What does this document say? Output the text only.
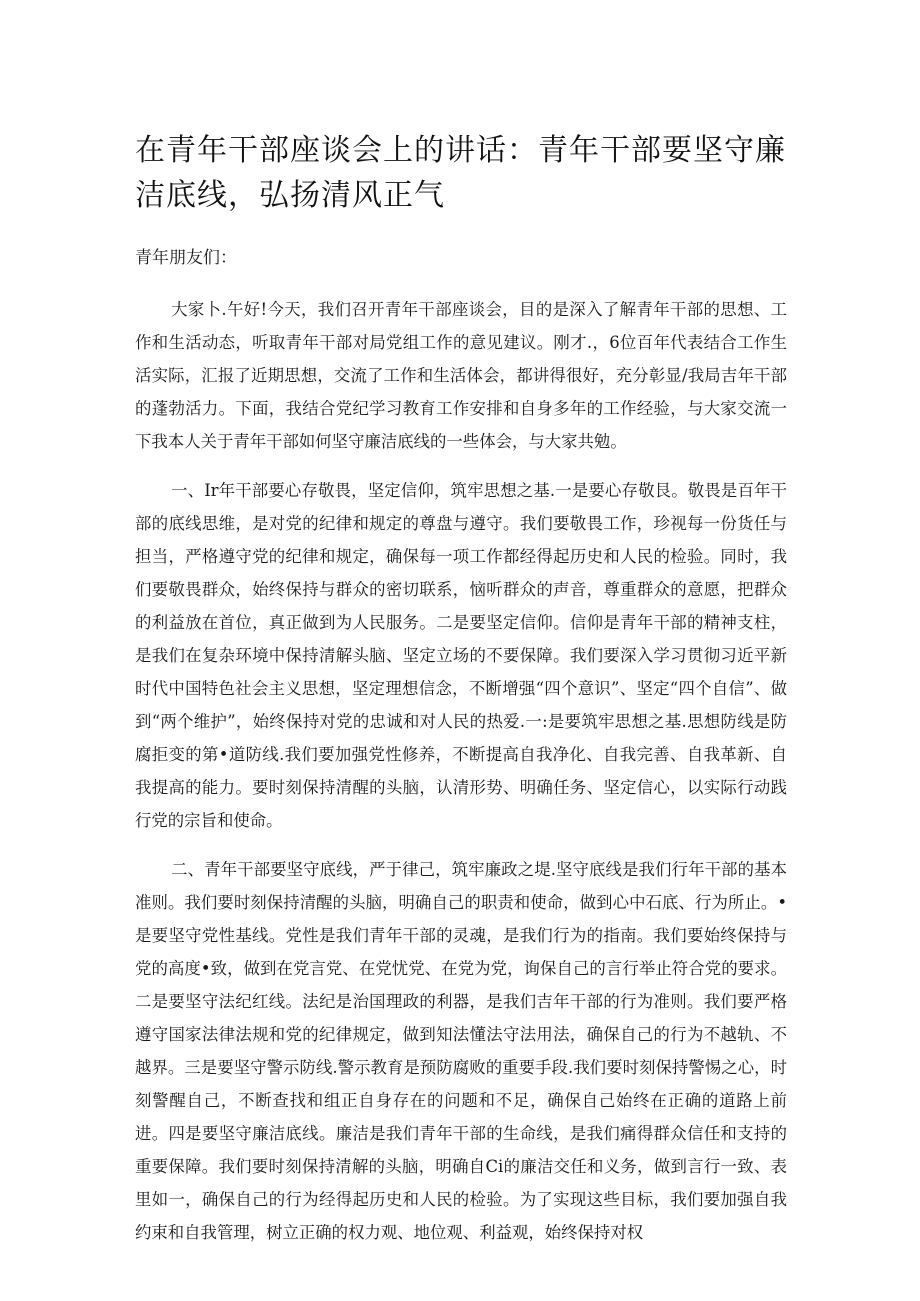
在青年干部座谈会上的讲话：青年干部要坚守廉洁底线，弘扬清风正气

青年朋友们：

大家卜.午好!今天，我们召开青年干部座谈会，目的是深入了解青年干部的思想、工作和生活动态，听取青年干部对局党组工作的意见建议。刚才.，6位百年代表结合工作生活实际，汇报了近期思想，交流了工作和生活体会，都讲得很好，充分彰显/我局吉年干部的蓬勃活力。下面，我结合党纪学习教育工作安排和自身多年的工作经验，与大家交流一下我本人关于青年干部如何坚守廉洁底线的一些体会，与大家共勉。

一、Ir年干部要心存敬畏，坚定信仰，筑牢思想之基.一是要心存敬艮。敬畏是百年干部的底线思维，是对党的纪律和规定的尊盘与遵守。我们要敬畏工作，珍视每一份货任与担当，严格遵守党的纪律和规定，确保每一项工作都经得起历史和人民的检验。同时，我们要敬畏群众，始终保持与群众的密切联系，恼听群众的声音，尊重群众的意愿，把群众的利益放在首位，真正做到为人民服务。二是要坚定信仰。信仰是青年干部的精神支柱，是我们在复杂环境中保持清解头脑、坚定立场的不要保障。我们要深入学习贯彻习近平新时代中国特色社会主义思想，坚定理想信念，不断增强“四个意识”、坚定“四个自信”、做到“两个维护”，始终保持对党的忠诚和对人民的热爱.一:是要筑牢思想之基.思想防线是防腐拒变的第•道防线.我们要加强党性修养，不断提高自我净化、自我完善、自我革新、自我提高的能力。要时刻保持清醒的头脑，认清形势、明确任务、坚定信心，以实际行动践行党的宗旨和使命。

二、青年干部要坚守底线，严于律己，筑牢廉政之堤.坚守底线是我们行年干部的基本准则。我们要时刻保持清醒的头脑，明确自己的职责和使命，做到心中石底、行为所止。•是要坚守党性基线。党性是我们青年干部的灵魂，是我们行为的指南。我们要始终保持与党的高度•致，做到在党言党、在党忧党、在党为党，询保自己的言行举止符合党的要求。二是要坚守法纪红线。法纪是治国理政的利器，是我们吉年干部的行为准则。我们要严格遵守国家法律法规和党的纪律规定，做到知法懂法守法用法，确保自己的行为不越轨、不越界。三是要坚守警示防线.警示教育是预防腐败的重要手段.我们要时刻保持警惕之心，时刻警醒自己，不断查找和组正自身存在的问题和不足，确保自己始终在正确的道路上前进。四是要坚守廉洁底线。廉洁是我们青年干部的生命线，是我们痛得群众信任和支持的重要保障。我们要时刻保持清解的头脑，明确自Ci的廉洁交任和义务，做到言行一致、表里如一，确保自己的行为经得起历史和人民的检验。为了实现这些目标，我们要加强自我约束和自我管理，树立正确的权力观、地位观、利益观，始终保持对权
